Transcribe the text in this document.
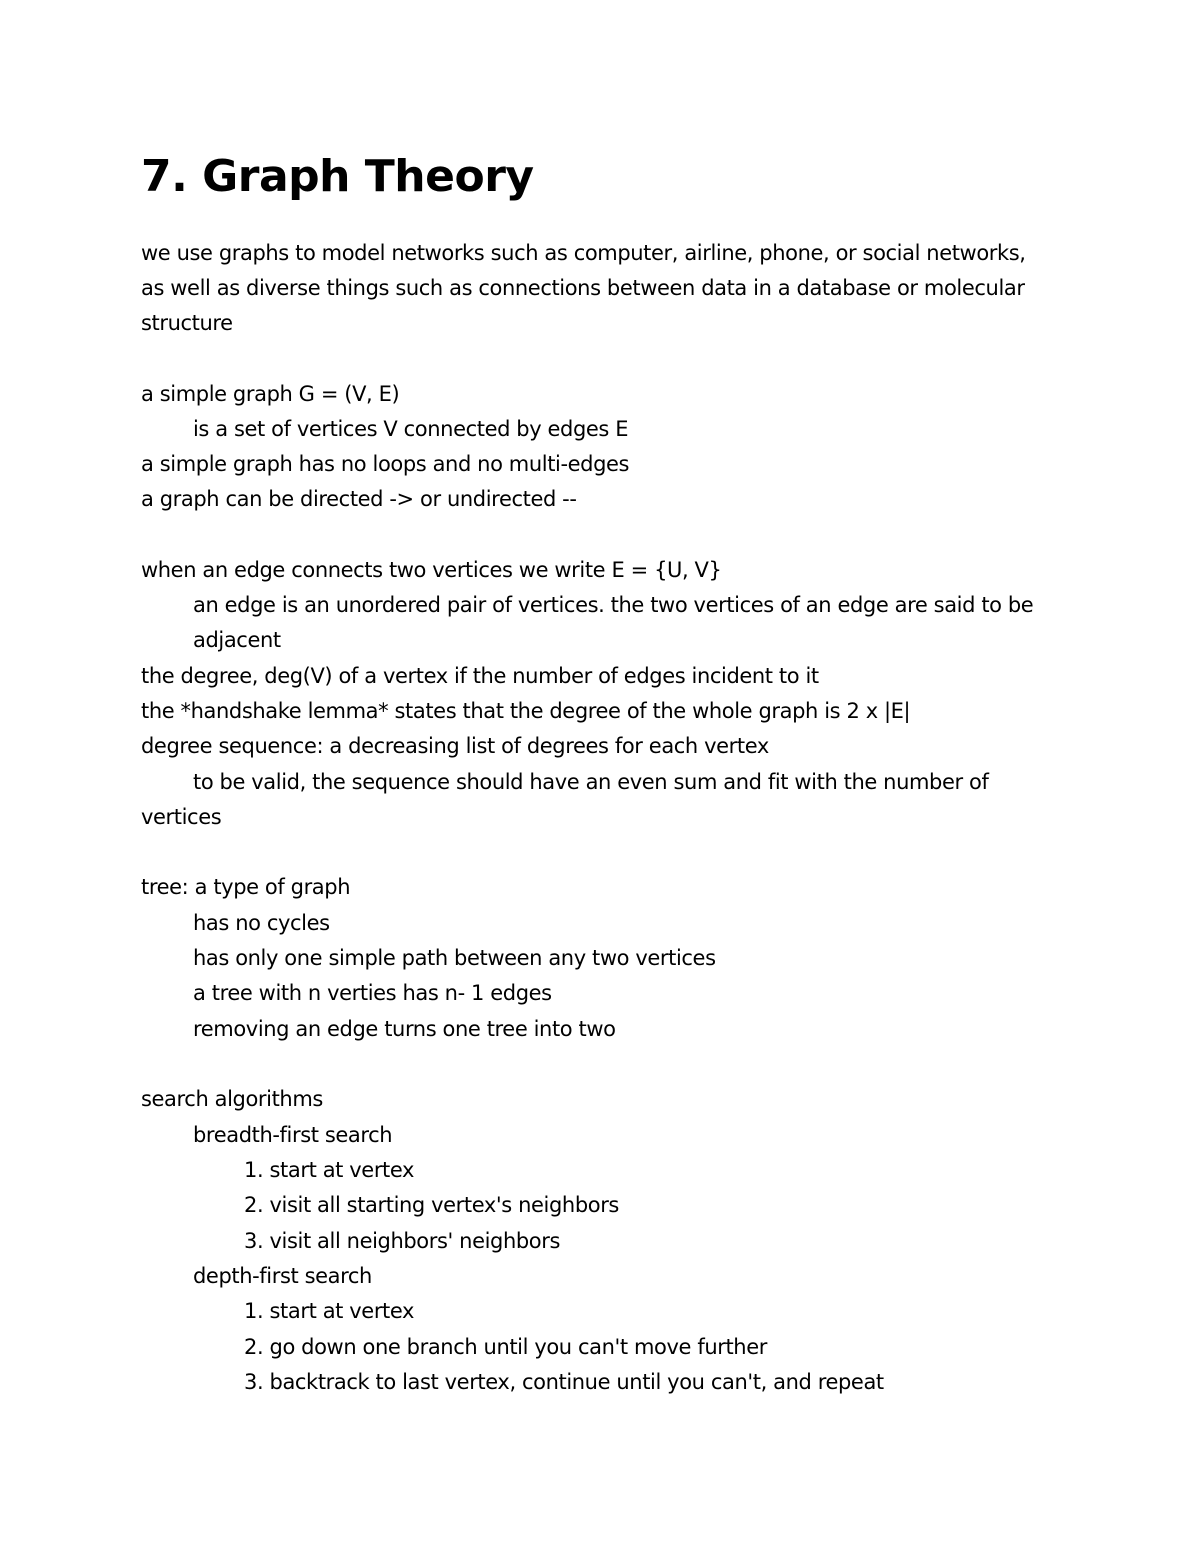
7. Graph Theory

we use graphs to model networks such as computer, airline, phone, or social networks,

as well as diverse things such as connections between data in a database or molecular

structure

a simple graph G = (V, E)

is a set of vertices V connected by edges E

a simple graph has no loops and no multi-edges

a graph can be directed -> or undirected --

when an edge connects two vertices we write E = {U, V}

an edge is an unordered pair of vertices. the two vertices of an edge are said to be

adjacent

the degree, deg(V) of a vertex if the number of edges incident to it

the *handshake lemma* states that the degree of the whole graph is 2 x |E|

degree sequence: a decreasing list of degrees for each vertex

to be valid, the sequence should have an even sum and fit with the number of

vertices

tree: a type of graph

has no cycles

has only one simple path between any two vertices

a tree with n verties has n- 1 edges

removing an edge turns one tree into two

search algorithms

breadth-first search

1. start at vertex

2. visit all starting vertex's neighbors

3. visit all neighbors' neighbors

depth-first search

1. start at vertex

2. go down one branch until you can't move further

3. backtrack to last vertex, continue until you can't, and repeat
